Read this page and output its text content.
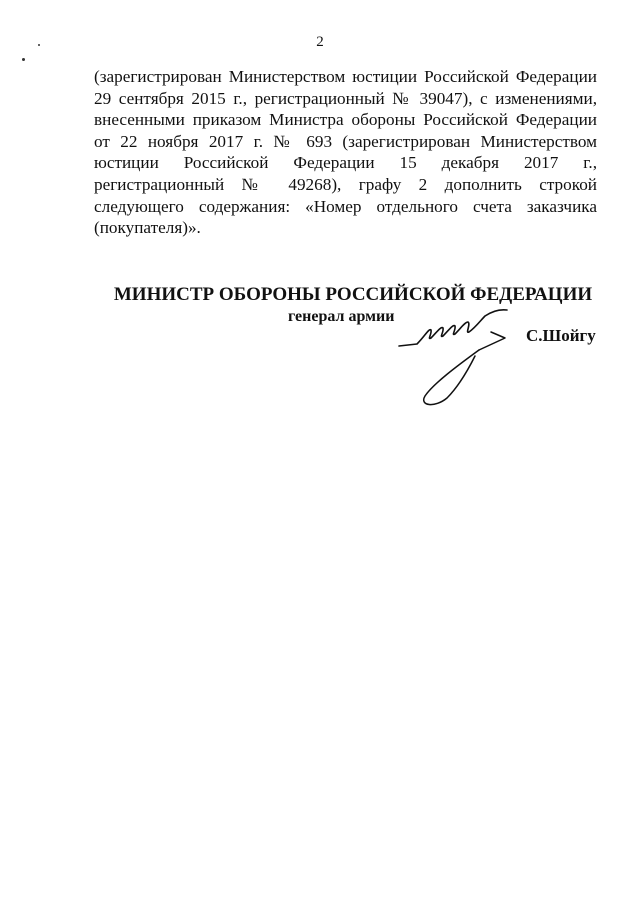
2
(зарегистрирован Министерством юстиции Российской Федерации
29 сентября 2015 г., регистрационный № 39047), с изменениями,
внесенными приказом Министра обороны Российской Федерации
от 22 ноября 2017 г. № 693 (зарегистрирован Министерством
юстиции Российской Федерации 15 декабря 2017 г.,
регистрационный № 49268), графу 2 дополнить строкой
следующего содержания: «Номер отдельного счета заказчика
(покупателя)».
МИНИСТР ОБОРОНЫ РОССИЙСКОЙ ФЕДЕРАЦИИ
генерал армии
С.Шойгу
